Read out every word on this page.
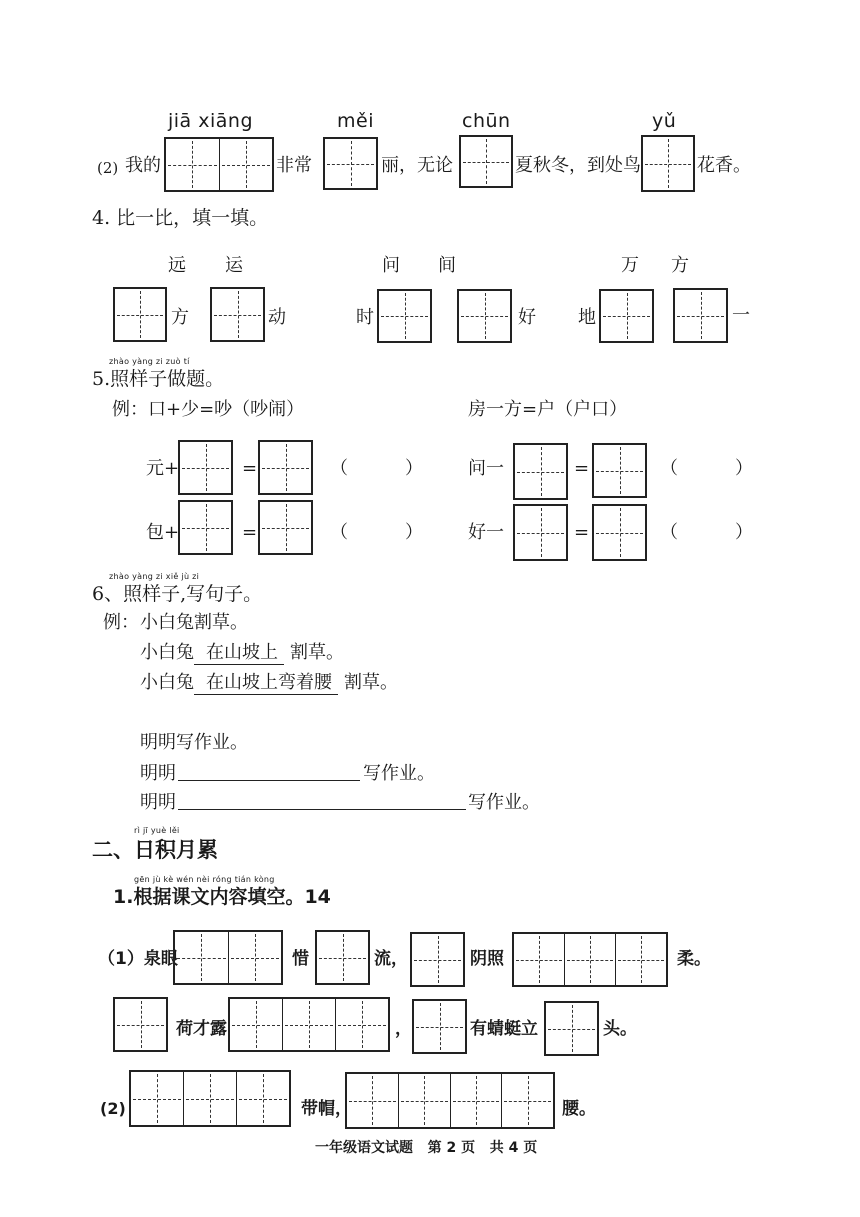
jiā xiāng	měi	chūn	yǔ
(2) 我的	非常	丽，无论	夏秋冬，到处鸟	花香。
4. 比一比，填一填。
远 运	问 间	万 方
方	动	时	好 地	一
zhào yàng zi zuò tí
5.照样子做题。
例：口+少=吵（吵闹）	房一方=户（户口）
元+	=	（	）	问一	=	（	）
包+	=	（	）	好一	=	（	）
zhào yàng zi xiě jù zi
6、照样子,写句子。
例： 小白兔割草。
小白兔 在山坡上 割草。
小白兔 在山坡上弯着腰 割草。
明明写作业。
明明	写作业。
明明	写作业。
rì jī yuè lěi
二、日积月累
gēn jù kè wén nèi róng tián kòng
1.根据课文内容填空。14
（1）泉眼	惜	流，	阴照	柔。
荷才露	，	有蜻蜓立	头。
(2)	带帽，	腰。
一年级语文试题   第 2 页   共 4 页
